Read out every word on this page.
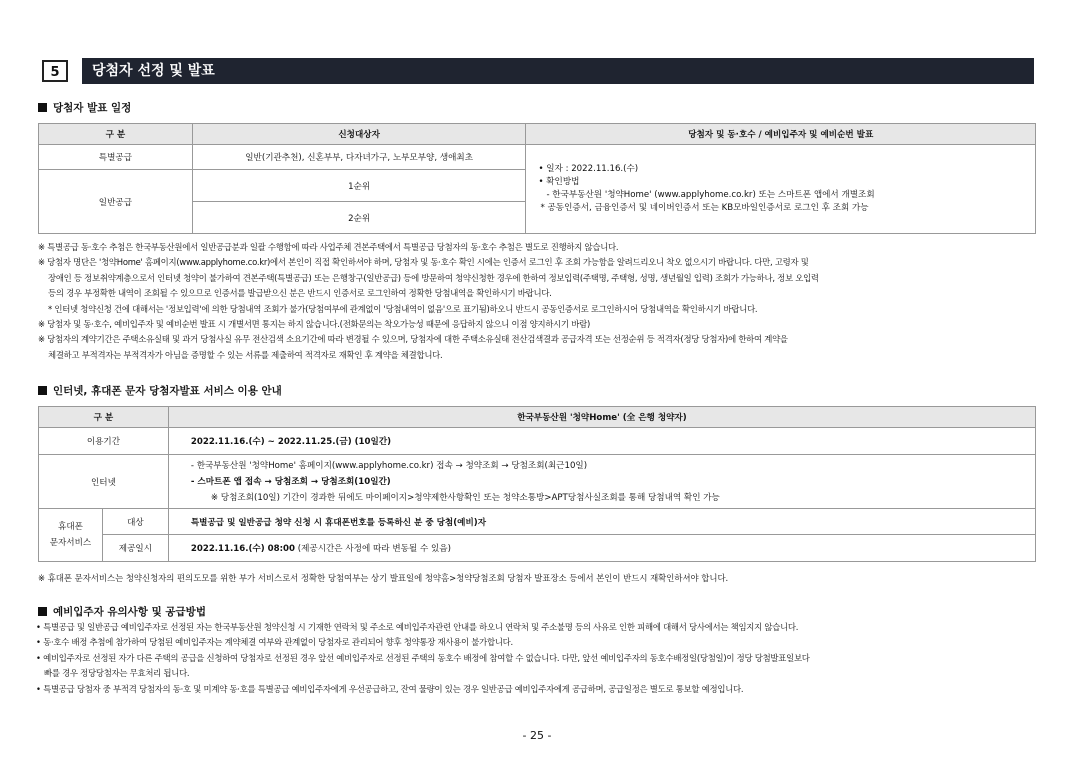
5	당첨자 선정 및 발표
당첨자 발표 일정
구 분	신청대상자	당첨자 및 동·호수 / 예비입주자 및 예비순번 발표
특별공급	일반(기관추천), 신혼부부, 다자녀가구, 노부모부양, 생애최초	• 일자 : 2022.11.16.(수)
• 확인방법
- 한국부동산원 '청약Home' (www.applyhome.co.kr) 또는 스마트폰 앱에서 개별조회
* 공동인증서, 금융인증서 및 네이버인증서 또는 KB모바일인증서로 로그인 후 조회 가능

일반공급	1순위	
	2순위	
※ 특별공급 동·호수 추첨은 한국부동산원에서 일반공급분과 일괄 수행함에 따라 사업주체 견본주택에서 특별공급 당첨자의 동·호수 추첨은 별도로 진행하지 않습니다.
※ 당첨자 명단은 '청약Home' 홈페이지(www.applyhome.co.kr)에서 본인이 직접 확인하셔야 하며, 당첨자 및 동·호수 확인 시에는 인증서 로그인 후 조회 가능함을 알려드리오니 착오 없으시기 바랍니다. 다만, 고령자 및
장애인 등 정보취약계층으로서 인터넷 청약이 불가하여 견본주택(특별공급) 또는 은행창구(일반공급) 등에 방문하여 청약신청한 경우에 한하여 정보입력(주택명, 주택형, 성명, 생년월일 입력) 조회가 가능하나, 정보 오입력
등의 경우 부정확한 내역이 조회될 수 있으므로 인증서를 발급받으신 분은 반드시 인증서로 로그인하여 정확한 당첨내역을 확인하시기 바랍니다.
* 인터넷 청약신청 건에 대해서는 '정보입력'에 의한 당첨내역 조회가 불가(당첨여부에 관계없이 '당첨내역이 없음'으로 표기됨)하오니 반드시 공동인증서로 로그인하시어 당첨내역을 확인하시기 바랍니다.
※ 당첨자 및 동·호수, 예비입주자 및 예비순번 발표 시 개별서면 통지는 하지 않습니다.(전화문의는 착오가능성 때문에 응답하지 않으니 이점 양지하시기 바람)
※ 당첨자의 계약기간은 주택소유실태 및 과거 당첨사실 유무 전산검색 소요기간에 따라 변경될 수 있으며, 당첨자에 대한 주택소유실태 전산검색결과 공급자격 또는 선정순위 등 적격자(정당 당첨자)에 한하여 계약을
체결하고 부적격자는 부적격자가 아님을 증명할 수 있는 서류를 제출하여 적격자로 재확인 후 계약을 체결합니다.
인터넷, 휴대폰 문자 당첨자발표 서비스 이용 안내
구 분		한국부동산원 '청약Home' (全 은행 청약자)
이용기간		2022.11.16.(수) ~ 2022.11.25.(금) (10일간)
인터넷		- 한국부동산원 '청약Home' 홈페이지(www.applyhome.co.kr) 접속 → 청약조회 → 당첨조회(최근10일)
- 스마트폰 앱 접속 → 당첨조회 → 당첨조회(10일간)
※ 당첨조회(10일) 기간이 경과한 뒤에도 마이페이지>청약제한사항확인 또는 청약소통방>APT당첨사실조회를 통해 당첨내역 확인 가능

휴대폰
문자서비스	대상	특별공급 및 일반공급 청약 신청 시 휴대폰번호를 등록하신 분 중 당첨(예비)자
	제공일시	2022.11.16.(수) 08:00 (제공시간은 사정에 따라 변동될 수 있음)
※ 휴대폰 문자서비스는 청약신청자의 편의도모를 위한 부가 서비스로서 정확한 당첨여부는 상기 발표일에 청약홈>청약당첨조회 당첨자 발표장소 등에서 본인이 반드시 재확인하셔야 합니다.
예비입주자 유의사항 및 공급방법
• 특별공급 및 일반공급 예비입주자로 선정된 자는 한국부동산원 청약신청 시 기재한 연락처 및 주소로 예비입주자관련 안내를 하오니 연락처 및 주소불명 등의 사유로 인한 피해에 대해서 당사에서는 책임지지 않습니다.
• 동·호수 배정 추첨에 참가하여 당첨된 예비입주자는 계약체결 여부와 관계없이 당첨자로 관리되어 향후 청약통장 재사용이 불가합니다.
• 예비입주자로 선정된 자가 다른 주택의 공급을 신청하여 당첨자로 선정된 경우 앞선 예비입주자로 선정된 주택의 동호수 배정에 참여할 수 없습니다. 다만, 앞선 예비입주자의 동호수배정일(당첨일)이 정당 당첨발표일보다
빠를 경우 정당당첨자는 무효처리 됩니다.
• 특별공급 당첨자 중 부적격 당첨자의 동·호 및 미계약 동·호를 특별공급 예비입주자에게 우선공급하고, 잔여 물량이 있는 경우 일반공급 예비입주자에게 공급하며, 공급일정은 별도로 통보할 예정입니다.
- 25 -
